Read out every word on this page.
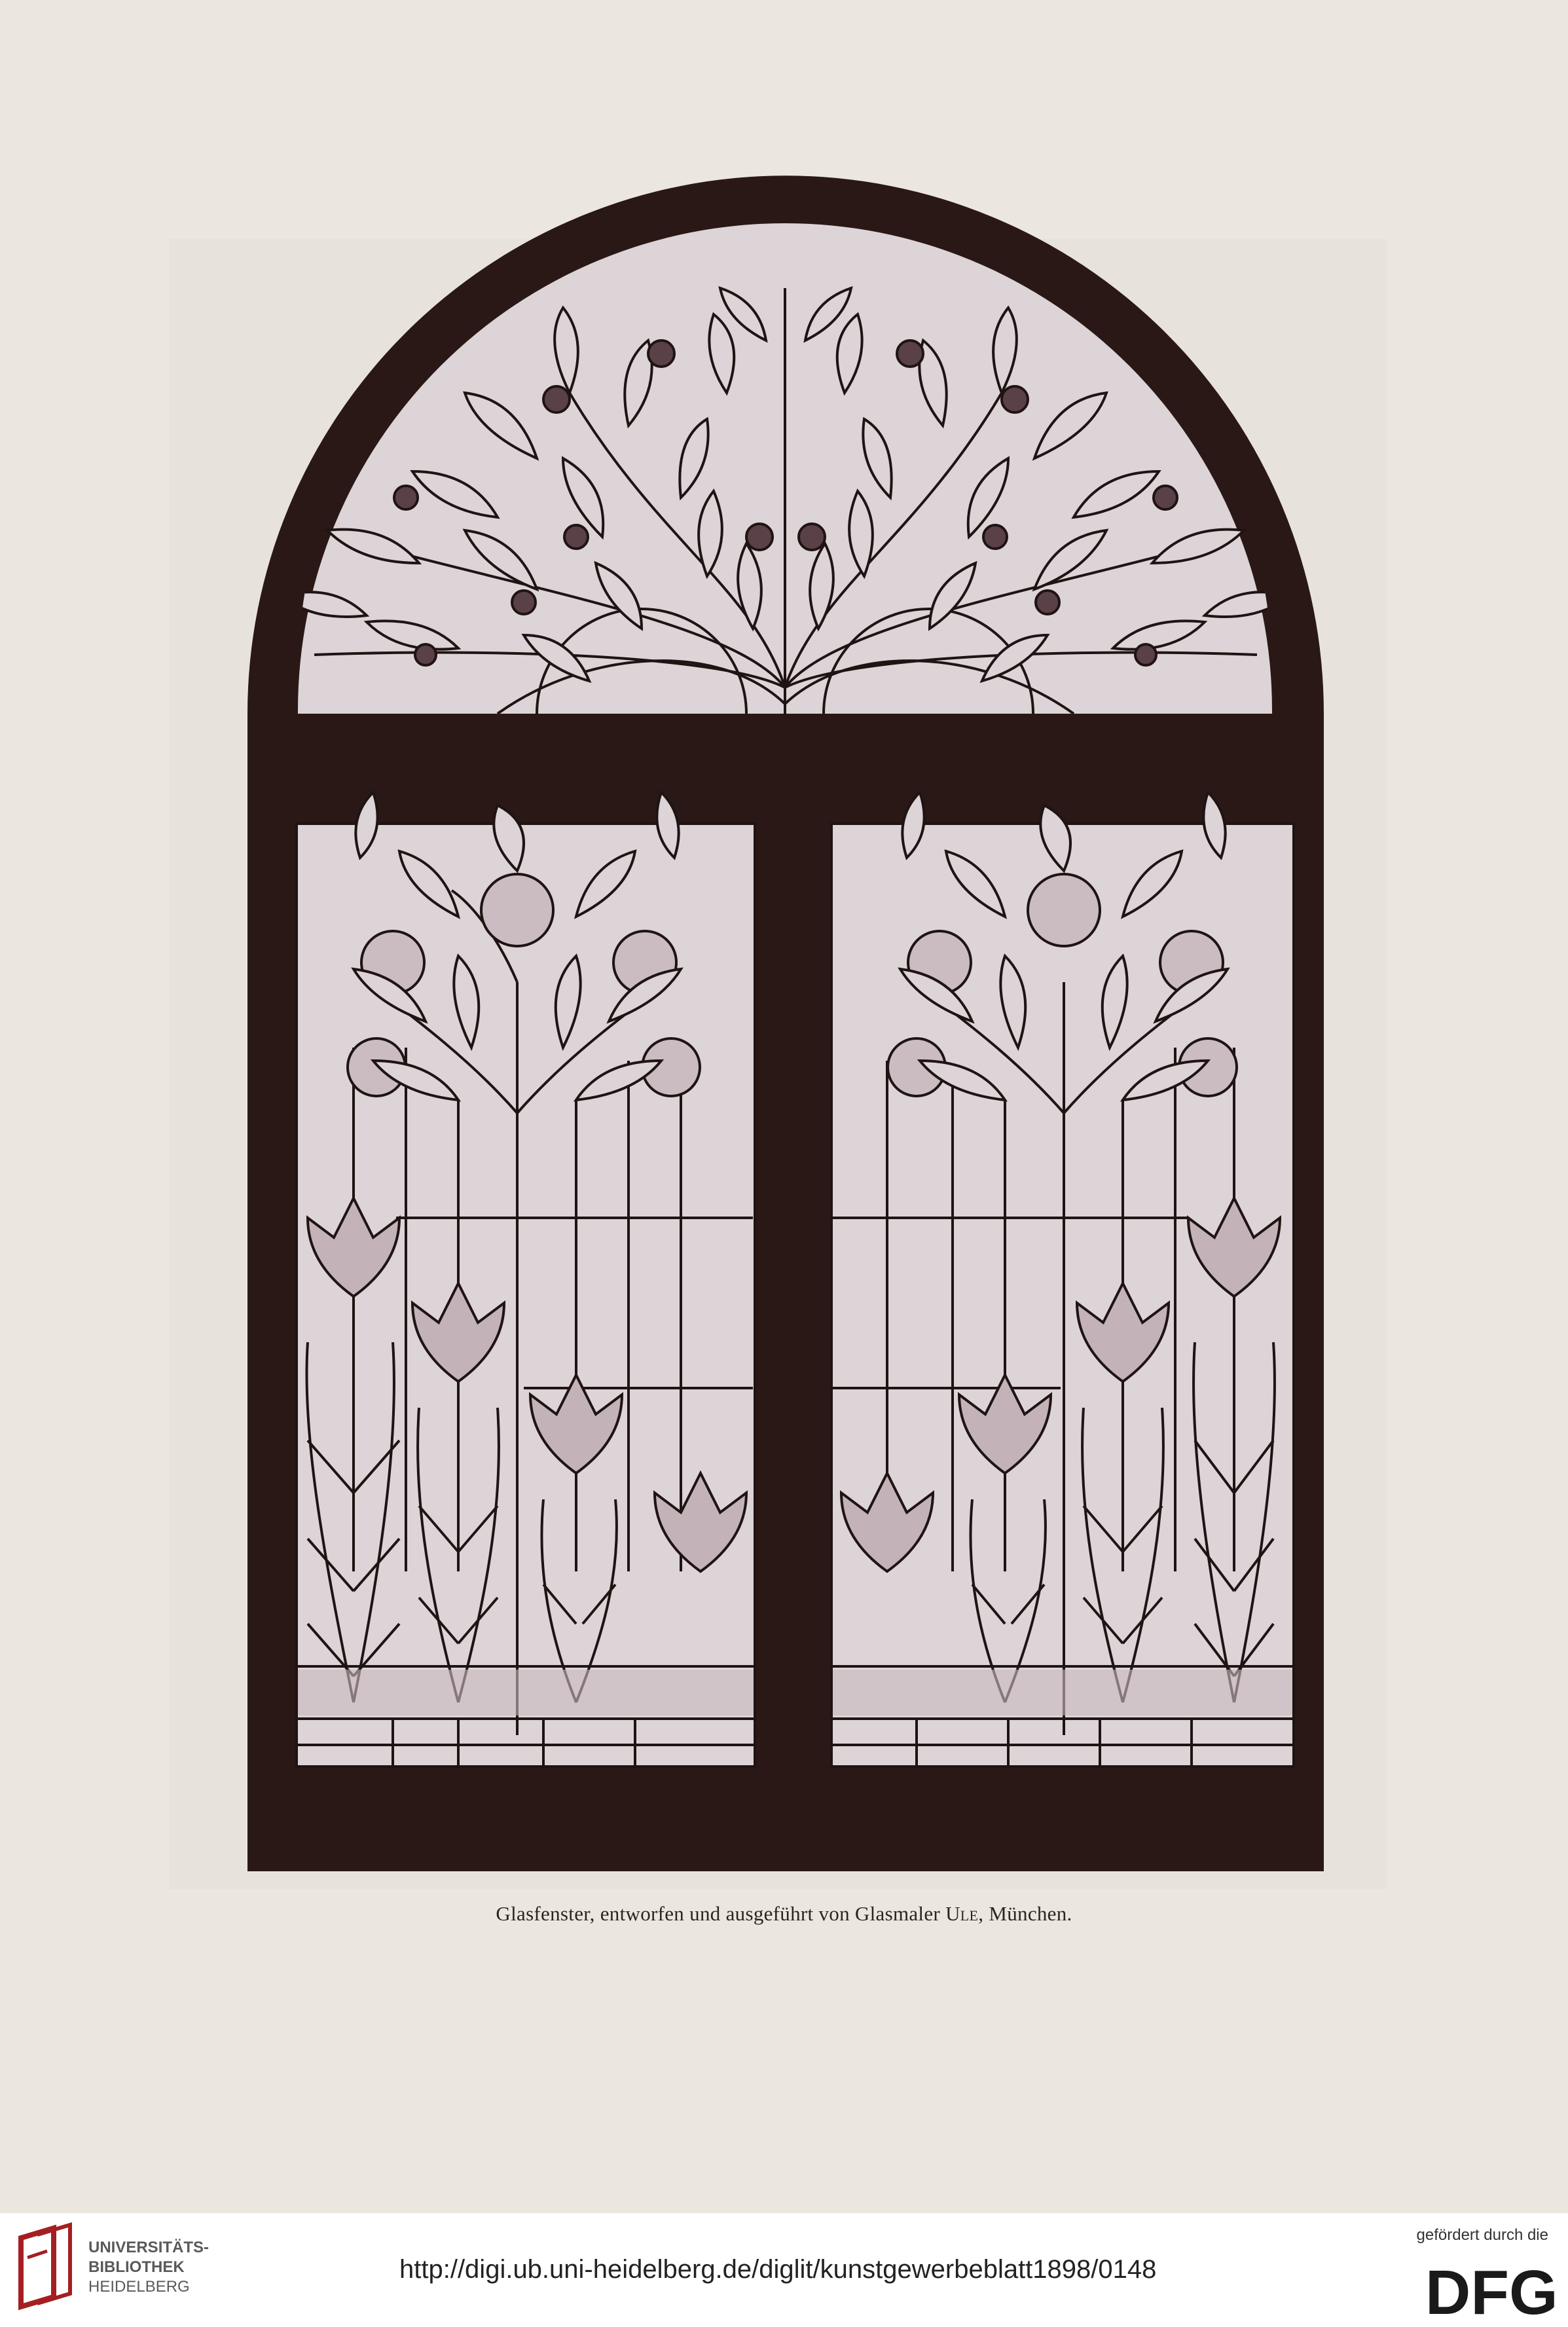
Glasfenster, entworfen und ausgeführt von Glasmaler Ule, München.
UNIVERSITÄTS-
BIBLIOTHEK
HEIDELBERG
http://digi.ub.uni-heidelberg.de/diglit/kunstgewerbeblatt1898/0148
gefördert durch die
DFG
